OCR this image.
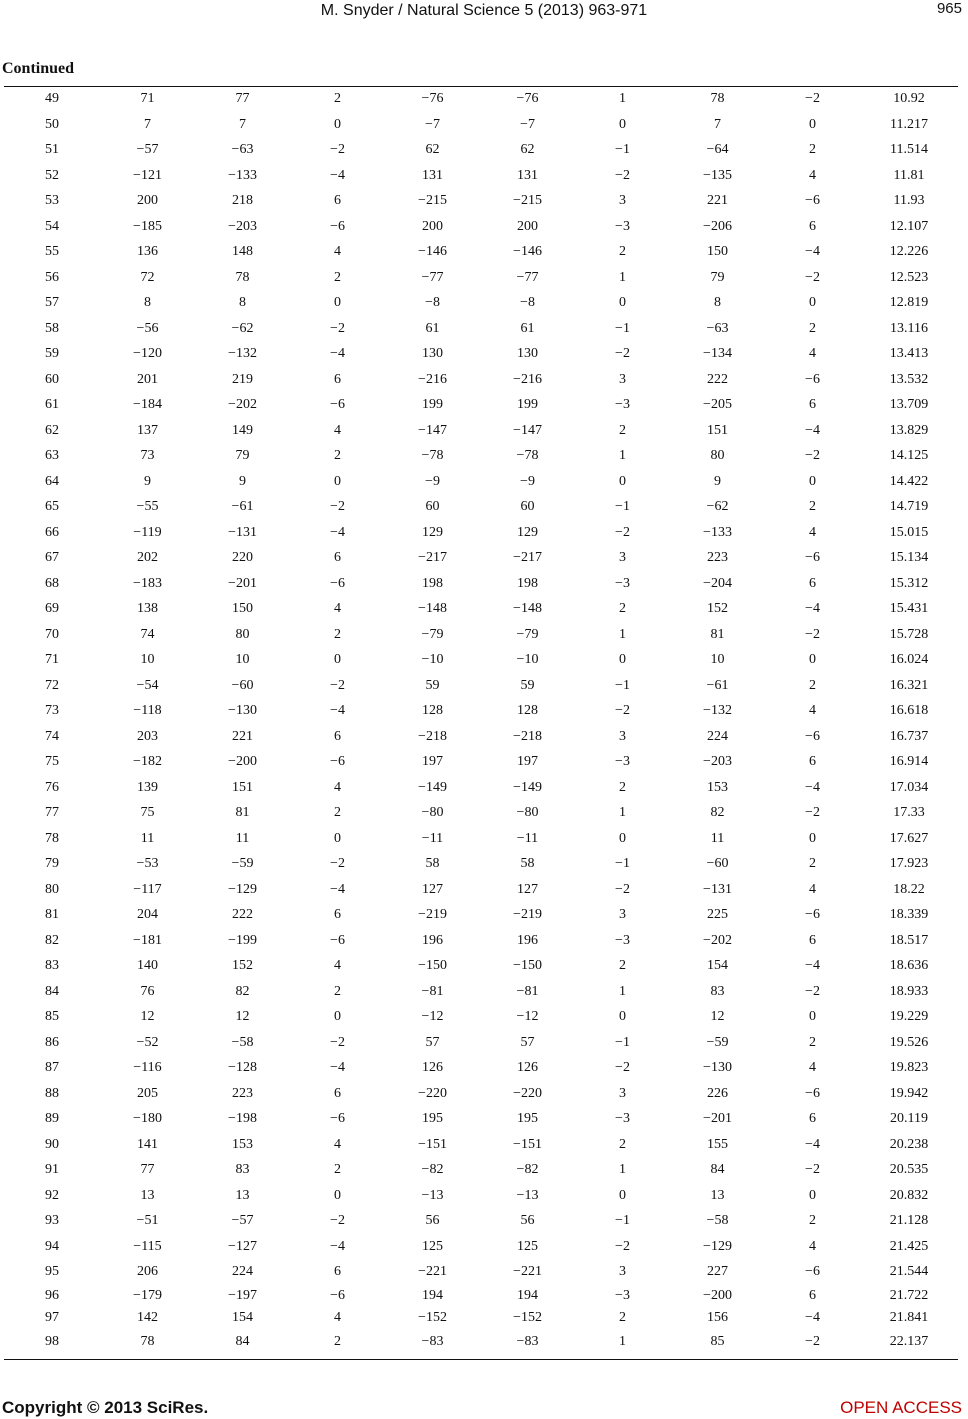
M. Snyder / Natural Science 5 (2013) 963-971	965
Continued
49	71	77	2	−76	−76	1	78	−2	10.92
50	7	7	0	−7	−7	0	7	0	11.217
51	−57	−63	−2	62	62	−1	−64	2	11.514
52	−121	−133	−4	131	131	−2	−135	4	11.81
53	200	218	6	−215	−215	3	221	−6	11.93
54	−185	−203	−6	200	200	−3	−206	6	12.107
55	136	148	4	−146	−146	2	150	−4	12.226
56	72	78	2	−77	−77	1	79	−2	12.523
57	8	8	0	−8	−8	0	8	0	12.819
58	−56	−62	−2	61	61	−1	−63	2	13.116
59	−120	−132	−4	130	130	−2	−134	4	13.413
60	201	219	6	−216	−216	3	222	−6	13.532
61	−184	−202	−6	199	199	−3	−205	6	13.709
62	137	149	4	−147	−147	2	151	−4	13.829
63	73	79	2	−78	−78	1	80	−2	14.125
64	9	9	0	−9	−9	0	9	0	14.422
65	−55	−61	−2	60	60	−1	−62	2	14.719
66	−119	−131	−4	129	129	−2	−133	4	15.015
67	202	220	6	−217	−217	3	223	−6	15.134
68	−183	−201	−6	198	198	−3	−204	6	15.312
69	138	150	4	−148	−148	2	152	−4	15.431
70	74	80	2	−79	−79	1	81	−2	15.728
71	10	10	0	−10	−10	0	10	0	16.024
72	−54	−60	−2	59	59	−1	−61	2	16.321
73	−118	−130	−4	128	128	−2	−132	4	16.618
74	203	221	6	−218	−218	3	224	−6	16.737
75	−182	−200	−6	197	197	−3	−203	6	16.914
76	139	151	4	−149	−149	2	153	−4	17.034
77	75	81	2	−80	−80	1	82	−2	17.33
78	11	11	0	−11	−11	0	11	0	17.627
79	−53	−59	−2	58	58	−1	−60	2	17.923
80	−117	−129	−4	127	127	−2	−131	4	18.22
81	204	222	6	−219	−219	3	225	−6	18.339
82	−181	−199	−6	196	196	−3	−202	6	18.517
83	140	152	4	−150	−150	2	154	−4	18.636
84	76	82	2	−81	−81	1	83	−2	18.933
85	12	12	0	−12	−12	0	12	0	19.229
86	−52	−58	−2	57	57	−1	−59	2	19.526
87	−116	−128	−4	126	126	−2	−130	4	19.823
88	205	223	6	−220	−220	3	226	−6	19.942
89	−180	−198	−6	195	195	−3	−201	6	20.119
90	141	153	4	−151	−151	2	155	−4	20.238
91	77	83	2	−82	−82	1	84	−2	20.535
92	13	13	0	−13	−13	0	13	0	20.832
93	−51	−57	−2	56	56	−1	−58	2	21.128
94	−115	−127	−4	125	125	−2	−129	4	21.425
95	206	224	6	−221	−221	3	227	−6	21.544
96	−179	−197	−6	194	194	−3	−200	6	21.722
97	142	154	4	−152	−152	2	156	−4	21.841
98	78	84	2	−83	−83	1	85	−2	22.137
Copyright © 2013 SciRes.	OPEN ACCESS
